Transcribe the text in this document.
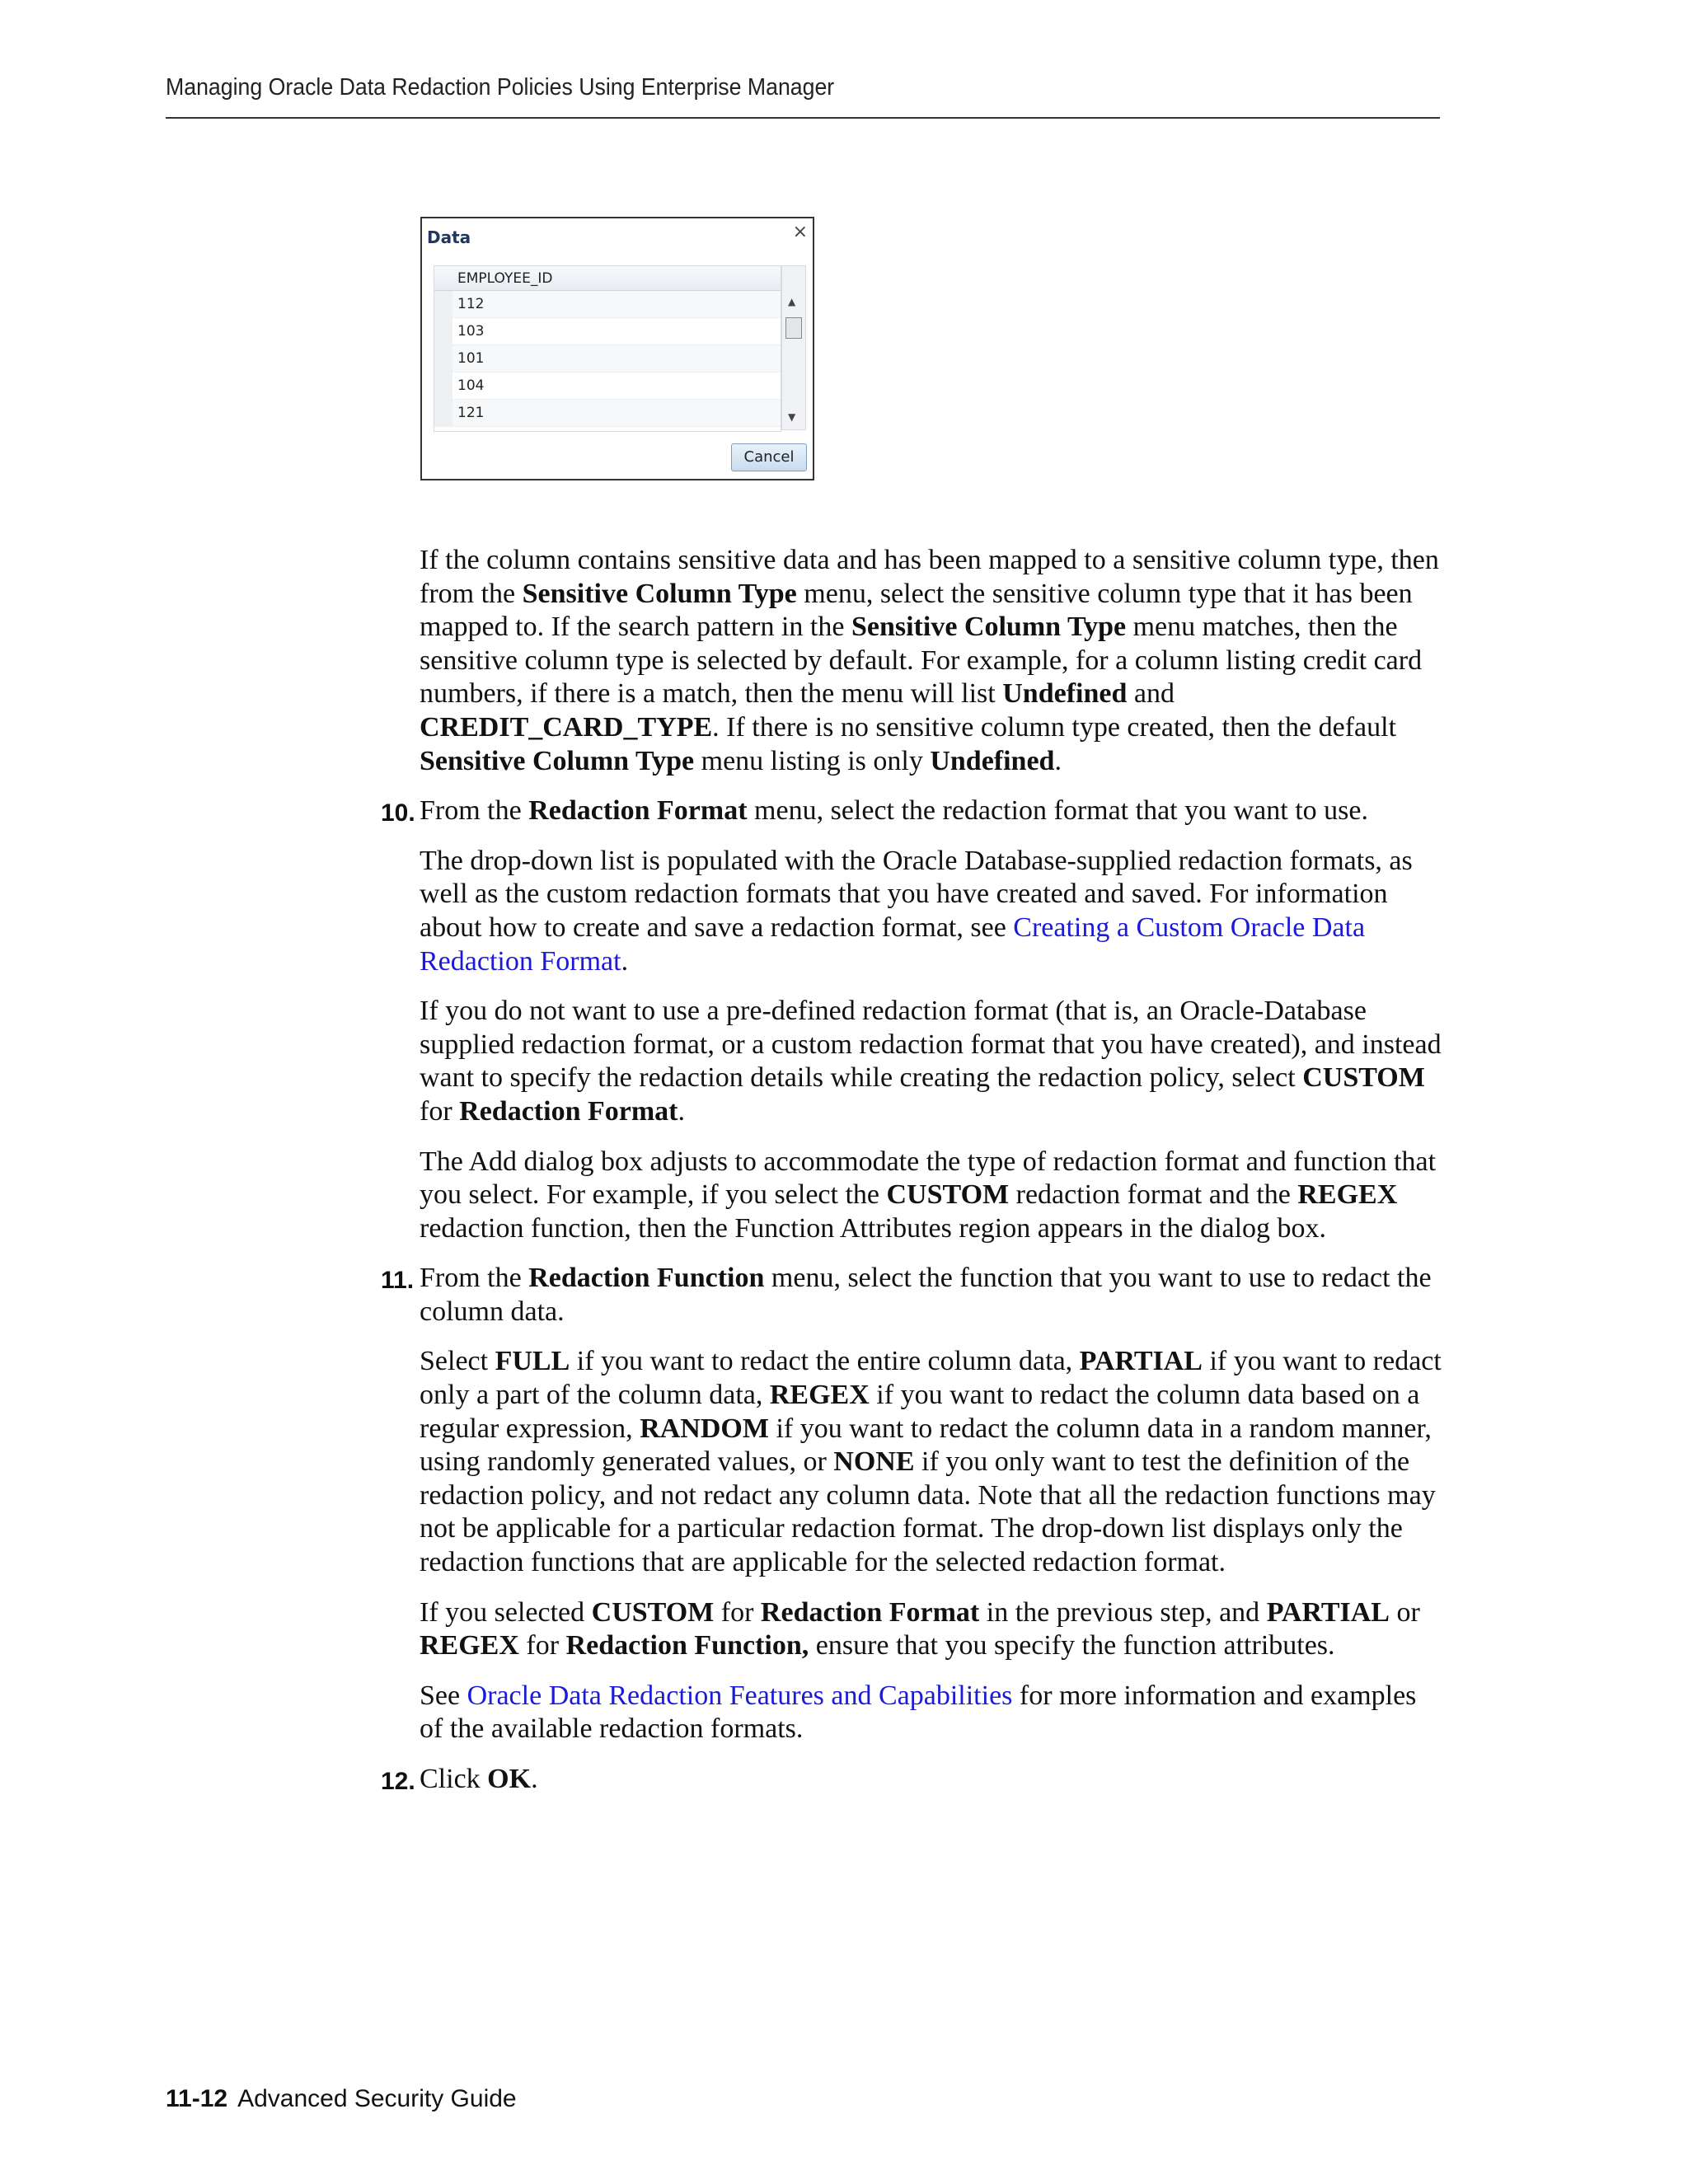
Managing Oracle Data Redaction Policies Using Enterprise Manager
Data	×
EMPLOYEE_ID
112
103
101
104
121
▲
▼
Cancel

If the column contains sensitive data and has been mapped to a sensitive column type, then from the Sensitive Column Type menu, select the sensitive column type that it has been mapped to. If the search pattern in the Sensitive Column Type menu matches, then the sensitive column type is selected by default. For example, for a column listing credit card numbers, if there is a match, then the menu will list Undefined and CREDIT_CARD_TYPE. If there is no sensitive column type created, then the default Sensitive Column Type menu listing is only Undefined.

10. From the Redaction Format menu, select the redaction format that you want to use.

The drop-down list is populated with the Oracle Database-supplied redaction formats, as well as the custom redaction formats that you have created and saved. For information about how to create and save a redaction format, see Creating a Custom Oracle Data Redaction Format.

If you do not want to use a pre-defined redaction format (that is, an Oracle-Database supplied redaction format, or a custom redaction format that you have created), and instead want to specify the redaction details while creating the redaction policy, select CUSTOM for Redaction Format.

The Add dialog box adjusts to accommodate the type of redaction format and function that you select. For example, if you select the CUSTOM redaction format and the REGEX redaction function, then the Function Attributes region appears in the dialog box.

11. From the Redaction Function menu, select the function that you want to use to redact the column data.

Select FULL if you want to redact the entire column data, PARTIAL if you want to redact only a part of the column data, REGEX if you want to redact the column data based on a regular expression, RANDOM if you want to redact the column data in a random manner, using randomly generated values, or NONE if you only want to test the definition of the redaction policy, and not redact any column data. Note that all the redaction functions may not be applicable for a particular redaction format. The drop-down list displays only the redaction functions that are applicable for the selected redaction format.

If you selected CUSTOM for Redaction Format in the previous step, and PARTIAL or REGEX for Redaction Function, ensure that you specify the function attributes.

See Oracle Data Redaction Features and Capabilities for more information and examples of the available redaction formats.

12. Click OK.

11-12 Advanced Security Guide
